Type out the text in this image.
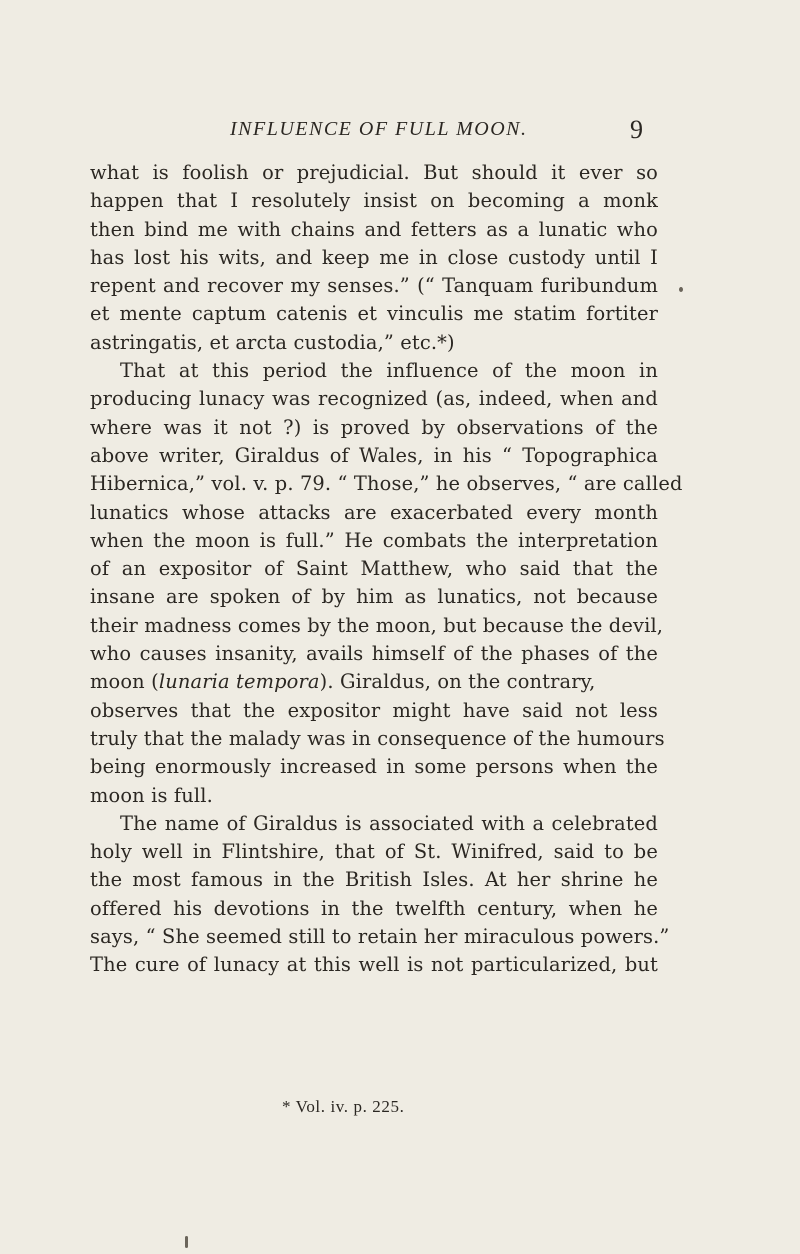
INFLUENCE OF FULL MOON.	9
what is foolish or prejudicial. But should it ever so
happen that I resolutely insist on becoming a monk
then bind me with chains and fetters as a lunatic who
has lost his wits, and keep me in close custody until I
repent and recover my senses.” (“ Tanquam furibundum
et mente captum catenis et vinculis me statim fortiter
astringatis, et arcta custodia,” etc.*)
That at this period the influence of the moon in
producing lunacy was recognized (as, indeed, when and
where was it not ?) is proved by observations of the
above writer, Giraldus of Wales, in his “ Topographica
Hibernica,” vol. v. p. 79. “ Those,” he observes, “ are called
lunatics whose attacks are exacerbated every month
when the moon is full.” He combats the interpretation
of an expositor of Saint Matthew, who said that the
insane are spoken of by him as lunatics, not because
their madness comes by the moon, but because the devil,
who causes insanity, avails himself of the phases of the
moon (lunaria tempora). Giraldus, on the contrary,
observes that the expositor might have said not less
truly that the malady was in consequence of the humours
being enormously increased in some persons when the
moon is full.
The name of Giraldus is associated with a celebrated
holy well in Flintshire, that of St. Winifred, said to be
the most famous in the British Isles. At her shrine he
offered his devotions in the twelfth century, when he
says, “ She seemed still to retain her miraculous powers.”
The cure of lunacy at this well is not particularized, but
* Vol. iv. p. 225.
